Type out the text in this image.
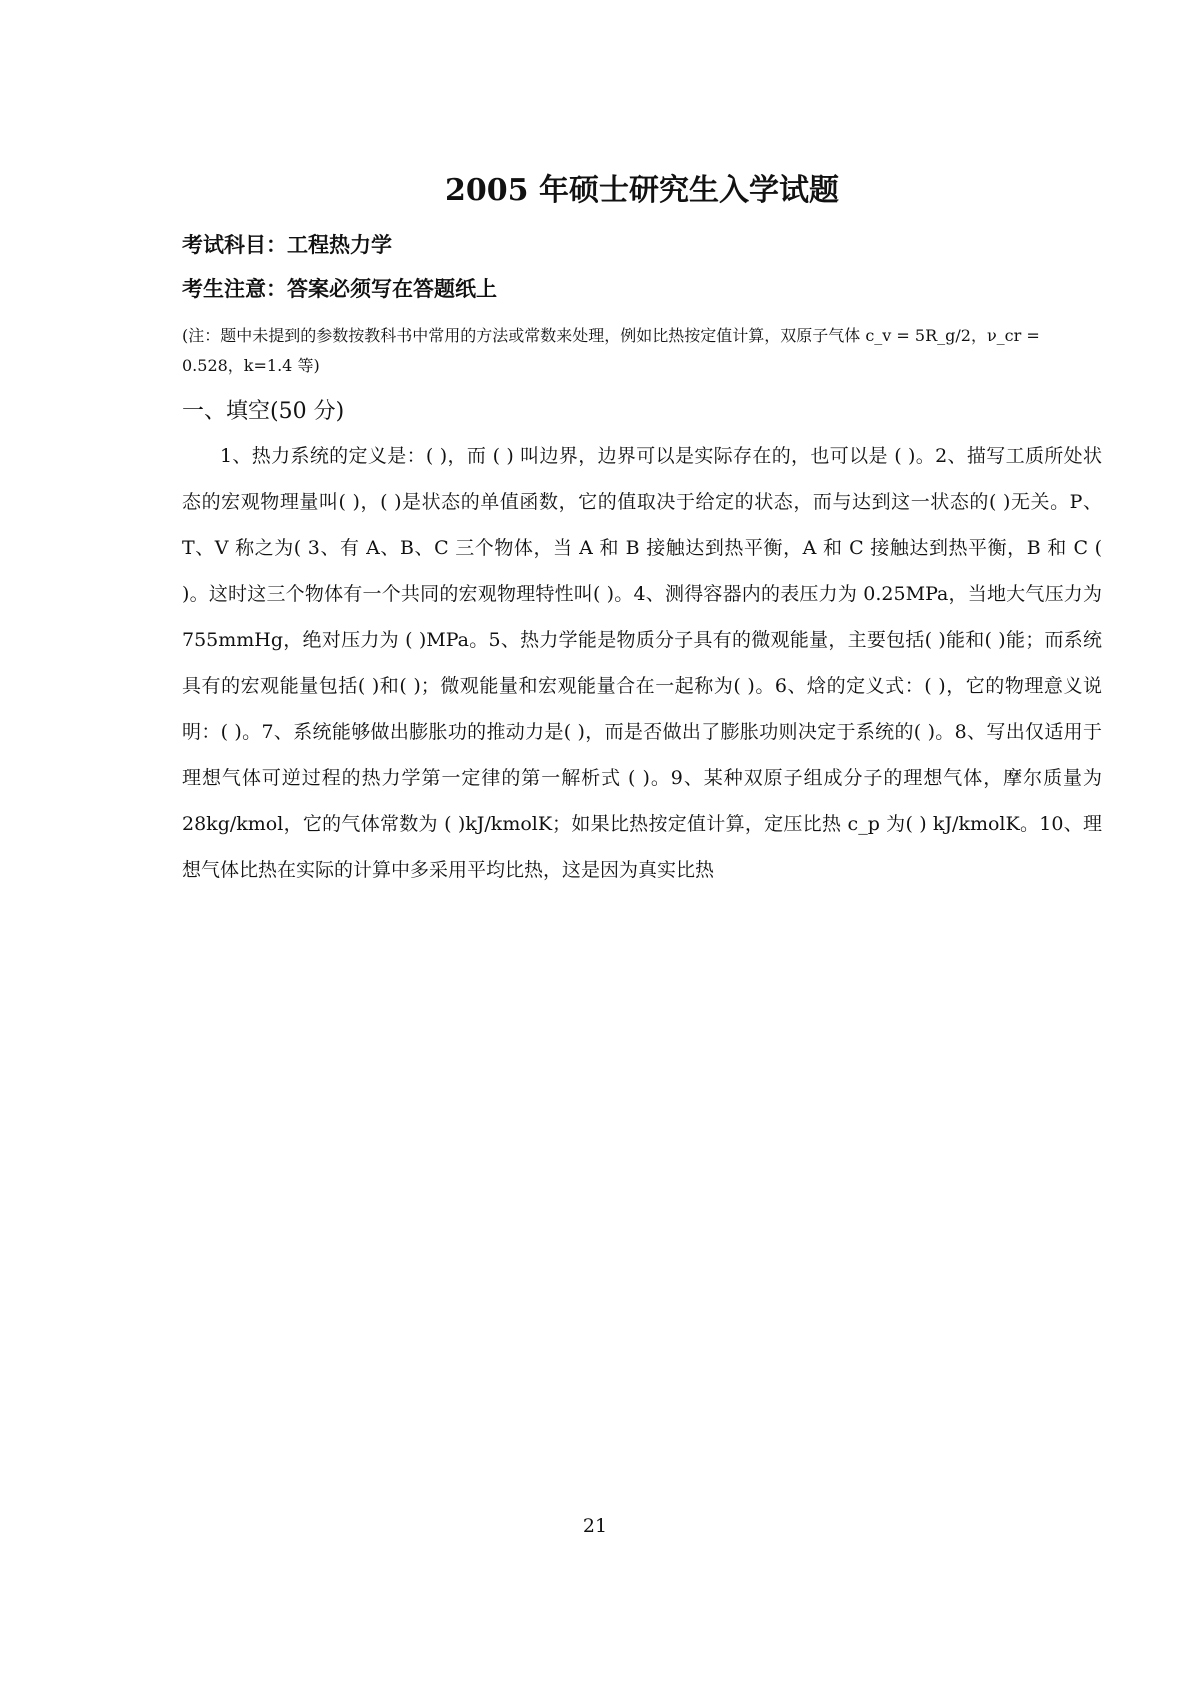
2005 年硕士研究生入学试题
考试科目：工程热力学
考生注意：答案必须写在答题纸上
(注：题中未提到的参数按教科书中常用的方法或常数来处理，例如比热按定值计算，双原子气体 c_v = 5R_g/2，ν_cr = 0.528，k=1.4 等)
一、填空(50 分)

1、热力系统的定义是：( )，而 ( ) 叫边界，边界可以是实际存在的，也可以是 ( )。2、描写工质所处状态的宏观物理量叫( )，( )是状态的单值函数，它的值取决于给定的状态，而与达到这一状态的( )无关。P、T、V 称之为( 3、有 A、B、C 三个物体，当 A 和 B 接触达到热平衡，A 和 C 接触达到热平衡，B 和 C ( )。这时这三个物体有一个共同的宏观物理特性叫( )。4、测得容器内的表压力为 0.25MPa，当地大气压力为 755mmHg，绝对压力为 ( )MPa。5、热力学能是物质分子具有的微观能量，主要包括( )能和( )能；而系统具有的宏观能量包括( )和( )；微观能量和宏观能量合在一起称为( )。6、焓的定义式：( )，它的物理意义说明：( )。7、系统能够做出膨胀功的推动力是( )，而是否做出了膨胀功则决定于系统的( )。8、写出仅适用于理想气体可逆过程的热力学第一定律的第一解析式 ( )。9、某种双原子组成分子的理想气体，摩尔质量为 28kg/kmol，它的气体常数为 ( )kJ/kmolK；如果比热按定值计算，定压比热 c_p 为( ) kJ/kmolK。10、理想气体比热在实际的计算中多采用平均比热，这是因为真实比热

21
